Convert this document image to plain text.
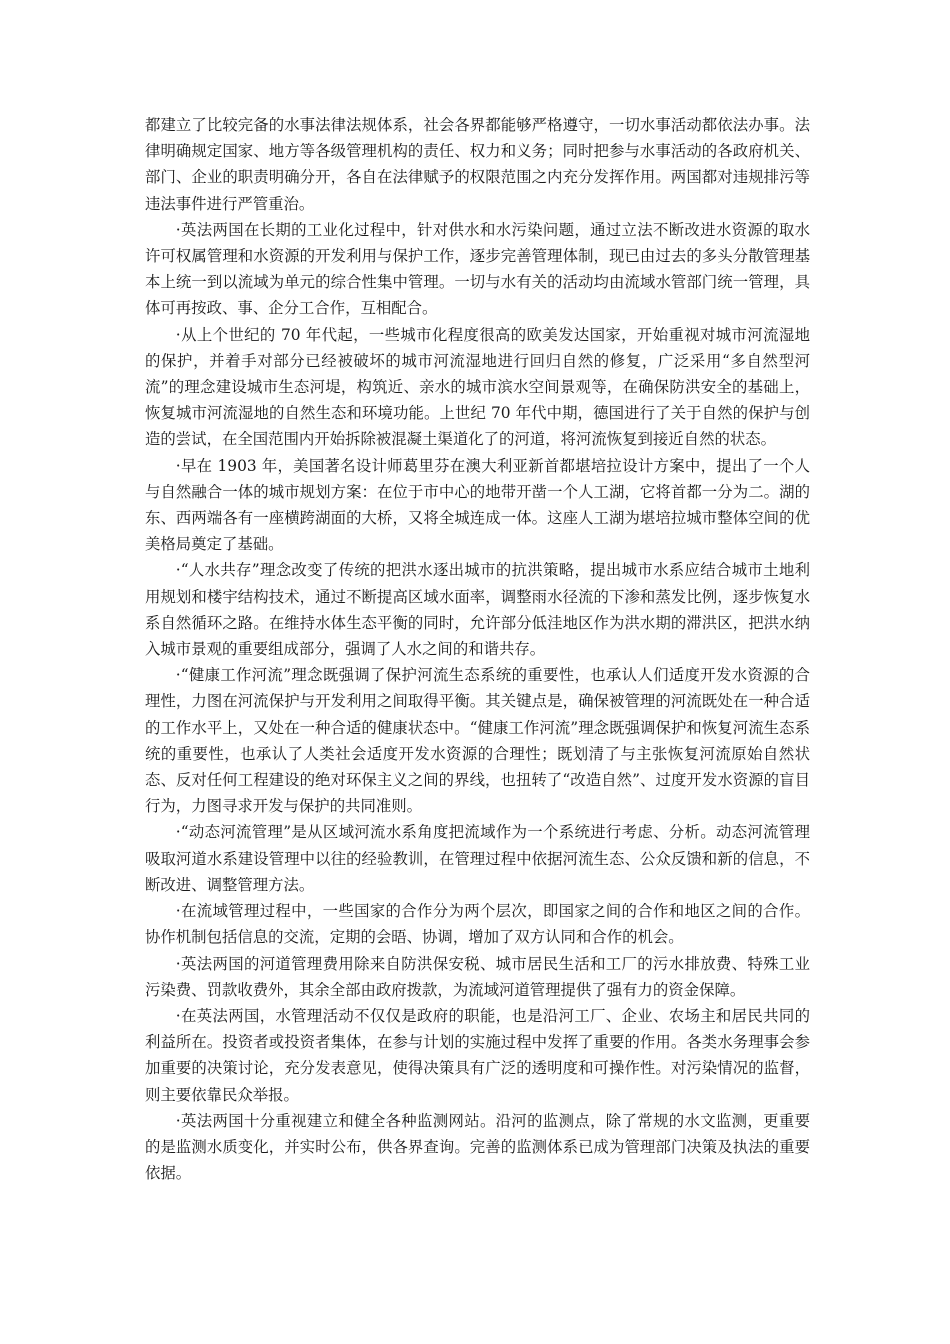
都建立了比较完备的水事法律法规体系，社会各界都能够严格遵守，一切水事活动都依法办事。法律明确规定国家、地方等各级管理机构的责任、权力和义务；同时把参与水事活动的各政府机关、部门、企业的职责明确分开，各自在法律赋予的权限范围之内充分发挥作用。两国都对违规排污等违法事件进行严管重治。

·英法两国在长期的工业化过程中，针对供水和水污染问题，通过立法不断改进水资源的取水许可权属管理和水资源的开发利用与保护工作，逐步完善管理体制，现已由过去的多头分散管理基本上统一到以流域为单元的综合性集中管理。一切与水有关的活动均由流域水管部门统一管理，具体可再按政、事、企分工合作，互相配合。

·从上个世纪的 70 年代起，一些城市化程度很高的欧美发达国家，开始重视对城市河流湿地的保护，并着手对部分已经被破坏的城市河流湿地进行回归自然的修复，广泛采用“多自然型河流”的理念建设城市生态河堤，构筑近、亲水的城市滨水空间景观等，在确保防洪安全的基础上，恢复城市河流湿地的自然生态和环境功能。上世纪 70 年代中期，德国进行了关于自然的保护与创造的尝试，在全国范围内开始拆除被混凝土渠道化了的河道，将河流恢复到接近自然的状态。

·早在 1903 年，美国著名设计师葛里芬在澳大利亚新首都堪培拉设计方案中，提出了一个人与自然融合一体的城市规划方案：在位于市中心的地带开凿一个人工湖，它将首都一分为二。湖的东、西两端各有一座横跨湖面的大桥，又将全城连成一体。这座人工湖为堪培拉城市整体空间的优美格局奠定了基础。

·“人水共存”理念改变了传统的把洪水逐出城市的抗洪策略，提出城市水系应结合城市土地利用规划和楼宇结构技术，通过不断提高区域水面率，调整雨水径流的下渗和蒸发比例，逐步恢复水系自然循环之路。在维持水体生态平衡的同时，允许部分低洼地区作为洪水期的滞洪区，把洪水纳入城市景观的重要组成部分，强调了人水之间的和谐共存。

·“健康工作河流”理念既强调了保护河流生态系统的重要性，也承认人们适度开发水资源的合理性，力图在河流保护与开发利用之间取得平衡。其关键点是，确保被管理的河流既处在一种合适的工作水平上，又处在一种合适的健康状态中。“健康工作河流”理念既强调保护和恢复河流生态系统的重要性，也承认了人类社会适度开发水资源的合理性；既划清了与主张恢复河流原始自然状态、反对任何工程建设的绝对环保主义之间的界线，也扭转了“改造自然”、过度开发水资源的盲目行为，力图寻求开发与保护的共同准则。

·“动态河流管理”是从区域河流水系角度把流域作为一个系统进行考虑、分析。动态河流管理吸取河道水系建设管理中以往的经验教训，在管理过程中依据河流生态、公众反馈和新的信息，不断改进、调整管理方法。

·在流域管理过程中，一些国家的合作分为两个层次，即国家之间的合作和地区之间的合作。协作机制包括信息的交流，定期的会晤、协调，增加了双方认同和合作的机会。

·英法两国的河道管理费用除来自防洪保安税、城市居民生活和工厂的污水排放费、特殊工业污染费、罚款收费外，其余全部由政府拨款，为流域河道管理提供了强有力的资金保障。

·在英法两国，水管理活动不仅仅是政府的职能，也是沿河工厂、企业、农场主和居民共同的利益所在。投资者或投资者集体，在参与计划的实施过程中发挥了重要的作用。各类水务理事会参加重要的决策讨论，充分发表意见，使得决策具有广泛的透明度和可操作性。对污染情况的监督，则主要依靠民众举报。

·英法两国十分重视建立和健全各种监测网站。沿河的监测点，除了常规的水文监测，更重要的是监测水质变化，并实时公布，供各界查询。完善的监测体系已成为管理部门决策及执法的重要依据。
